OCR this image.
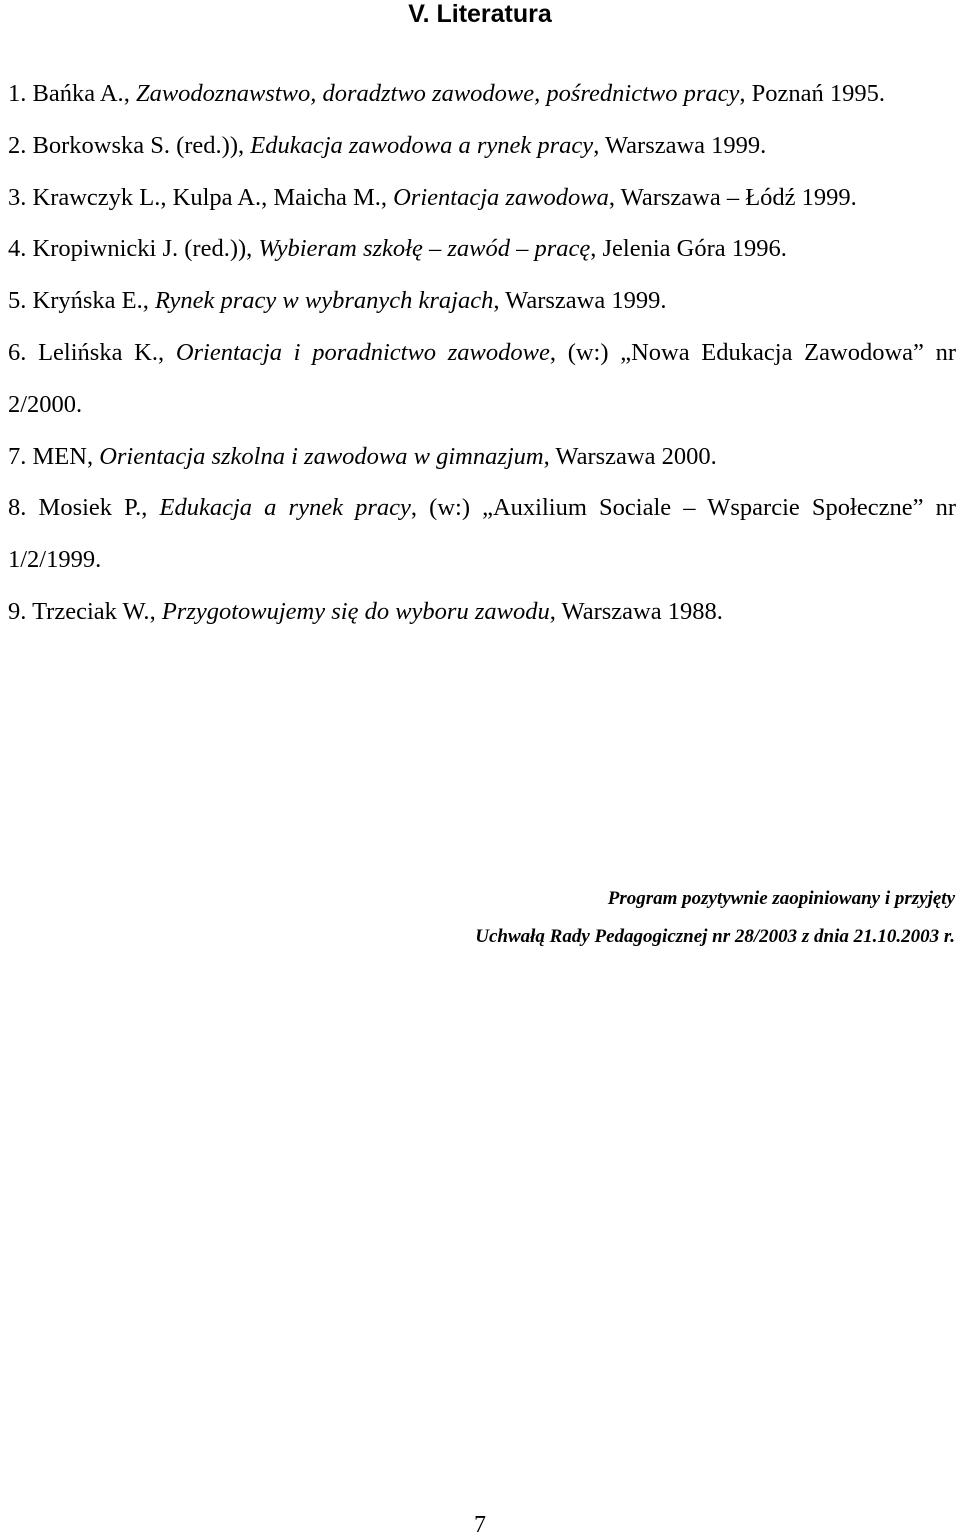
V. Literatura
1. Bańka A., Zawodoznawstwo, doradztwo zawodowe, pośrednictwo pracy, Poznań 1995.
2. Borkowska S. (red.)), Edukacja zawodowa a rynek pracy, Warszawa 1999.
3. Krawczyk L., Kulpa A., Maicha M., Orientacja zawodowa, Warszawa – Łódź 1999.
4. Kropiwnicki J. (red.)), Wybieram szkołę – zawód – pracę, Jelenia Góra 1996.
5. Kryńska E., Rynek pracy w wybranych krajach, Warszawa 1999.
6. Lelińska K., Orientacja i poradnictwo zawodowe, (w:) „Nowa Edukacja Zawodowa” nr 2/2000.
7. MEN, Orientacja szkolna i zawodowa w gimnazjum, Warszawa 2000.
8. Mosiek P., Edukacja a rynek pracy, (w:) „Auxilium Sociale – Wsparcie Społeczne” nr 1/2/1999.
9. Trzeciak W., Przygotowujemy się do wyboru zawodu, Warszawa 1988.
Program pozytywnie zaopiniowany i przyjęty
Uchwałą Rady Pedagogicznej nr 28/2003 z dnia 21.10.2003 r.
7
